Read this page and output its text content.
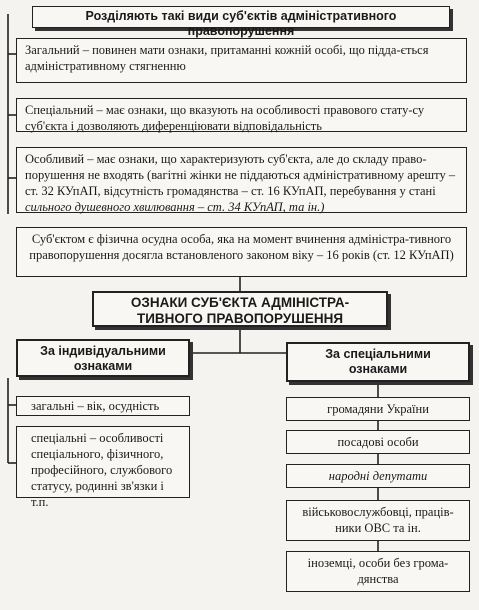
Розділяють такі види суб'єктів адміністративного правопорушення
Загальний – повинен мати ознаки, притаманні кожній особі, що підда-ється адміністративному стягненню
Спеціальний – має ознаки, що вказують на особливості правового стату-су суб'єкта і дозволяють диференціювати відповідальність
Особливий – має ознаки, що характеризують суб'єкта, але до складу право-порушення не входять (вагітні жінки не піддаються адміністративному арешту – ст. 32 КУпАП, відсутність громадянства – ст. 16 КУпАП, перебування у стані сильного душевного хвилювання – ст. 34 КУпАП, та ін.)
Суб'єктом є фізична осудна особа, яка на момент вчинення адміністра-тивного правопорушення досягла встановленого законом віку – 16 років (ст. 12 КУпАП)
ОЗНАКИ СУБ'ЄКТА АДМІНІСТРА-ТИВНОГО ПРАВОПОРУШЕННЯ
За індивідуальними ознаками
загальні – вік, осудність
спеціальні – особливості спеціального, фізичного, професійного, службового статусу, родинні зв'язки і т.п.
За спеціальними ознаками
громадяни України
посадові особи
народні депутати
військовослужбовці, праців-ники ОВС та ін.
іноземці, особи без грома-дянства
